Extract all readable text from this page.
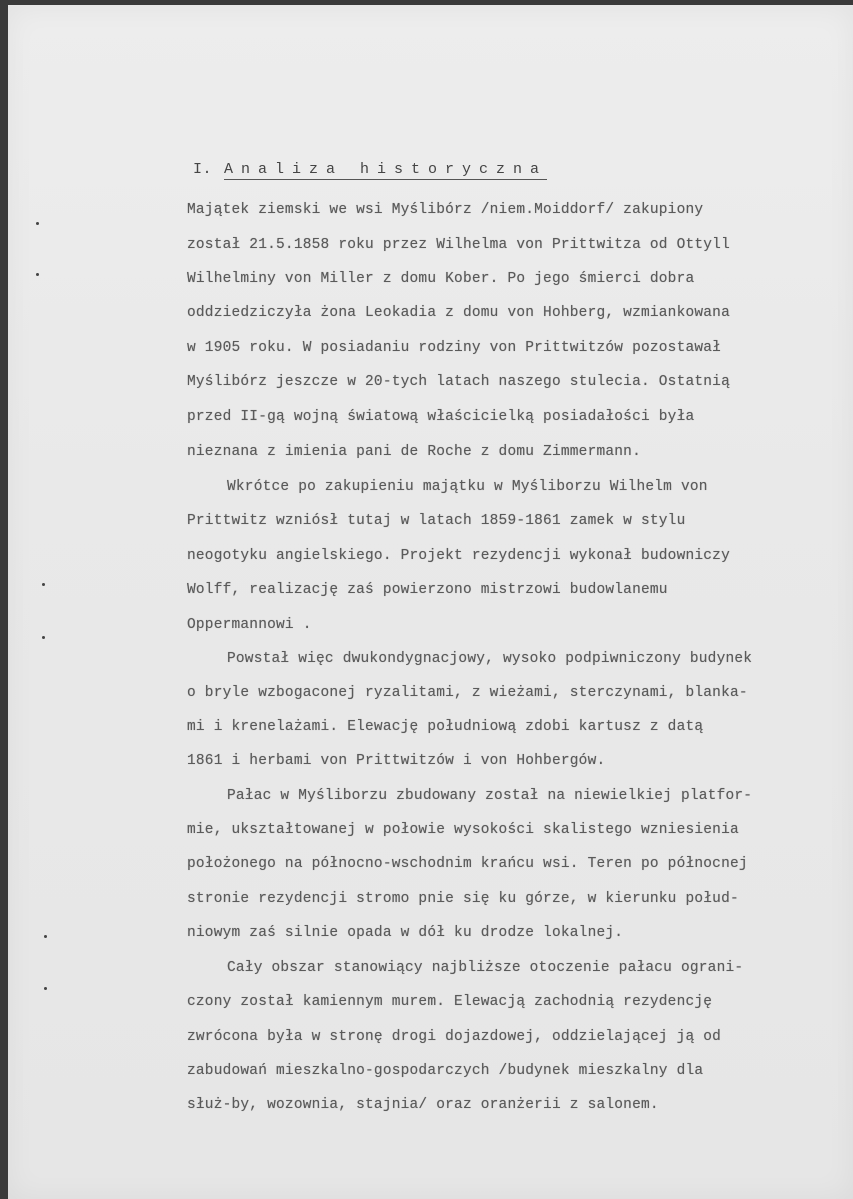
I. Analiza historyczna

Majątek ziemski we wsi Myślibórz /niem.Moiddorf/ zakupiony
został 21.5.1858 roku przez Wilhelma von Prittwitza od Ottyll
Wilhelminy von Miller z domu Kober. Po jego śmierci dobra
oddziedziczyła żona Leokadia z domu von Hohberg, wzmiankowana
w 1905 roku. W posiadaniu rodziny von Prittwitzów pozostawał
Myślibórz jeszcze w 20-tych latach naszego stulecia. Ostatnią
przed II-gą wojną światową właścicielką posiadałości była
nieznana z imienia pani de Roche z domu Zimmermann.
Wkrótce po zakupieniu majątku w Myśliborzu Wilhelm von
Prittwitz wzniósł tutaj w latach 1859-1861 zamek w stylu
neogotyku angielskiego. Projekt rezydencji wykonał budowniczy
Wolff, realizację zaś powierzono mistrzowi budowlanemu
Oppermannowi .
Powstał więc dwukondygnacjowy, wysoko podpiwniczony budynek
o bryle wzbogaconej ryzalitami, z wieżami, sterczynami, blanka-
mi i krenelażami. Elewację południową zdobi kartusz z datą
1861 i herbami von Prittwitzów i von Hohbergów.
Pałac w Myśliborzu zbudowany został na niewielkiej platfor-
mie, ukształtowanej w połowie wysokości skalistego wzniesienia
położonego na północno-wschodnim krańcu wsi. Teren po północnej
stronie rezydencji stromo pnie się ku górze, w kierunku połud-
niowym zaś silnie opada w dół ku drodze lokalnej.
Cały obszar stanowiący najbliższe otoczenie pałacu ograni-
czony został kamiennym murem. Elewacją zachodnią rezydencję
zwrócona była w stronę drogi dojazdowej, oddzielającej ją od
zabudowań mieszkalno-gospodarczych /budynek mieszkalny dla
służ-by, wozownia, stajnia/ oraz oranżerii z salonem.
